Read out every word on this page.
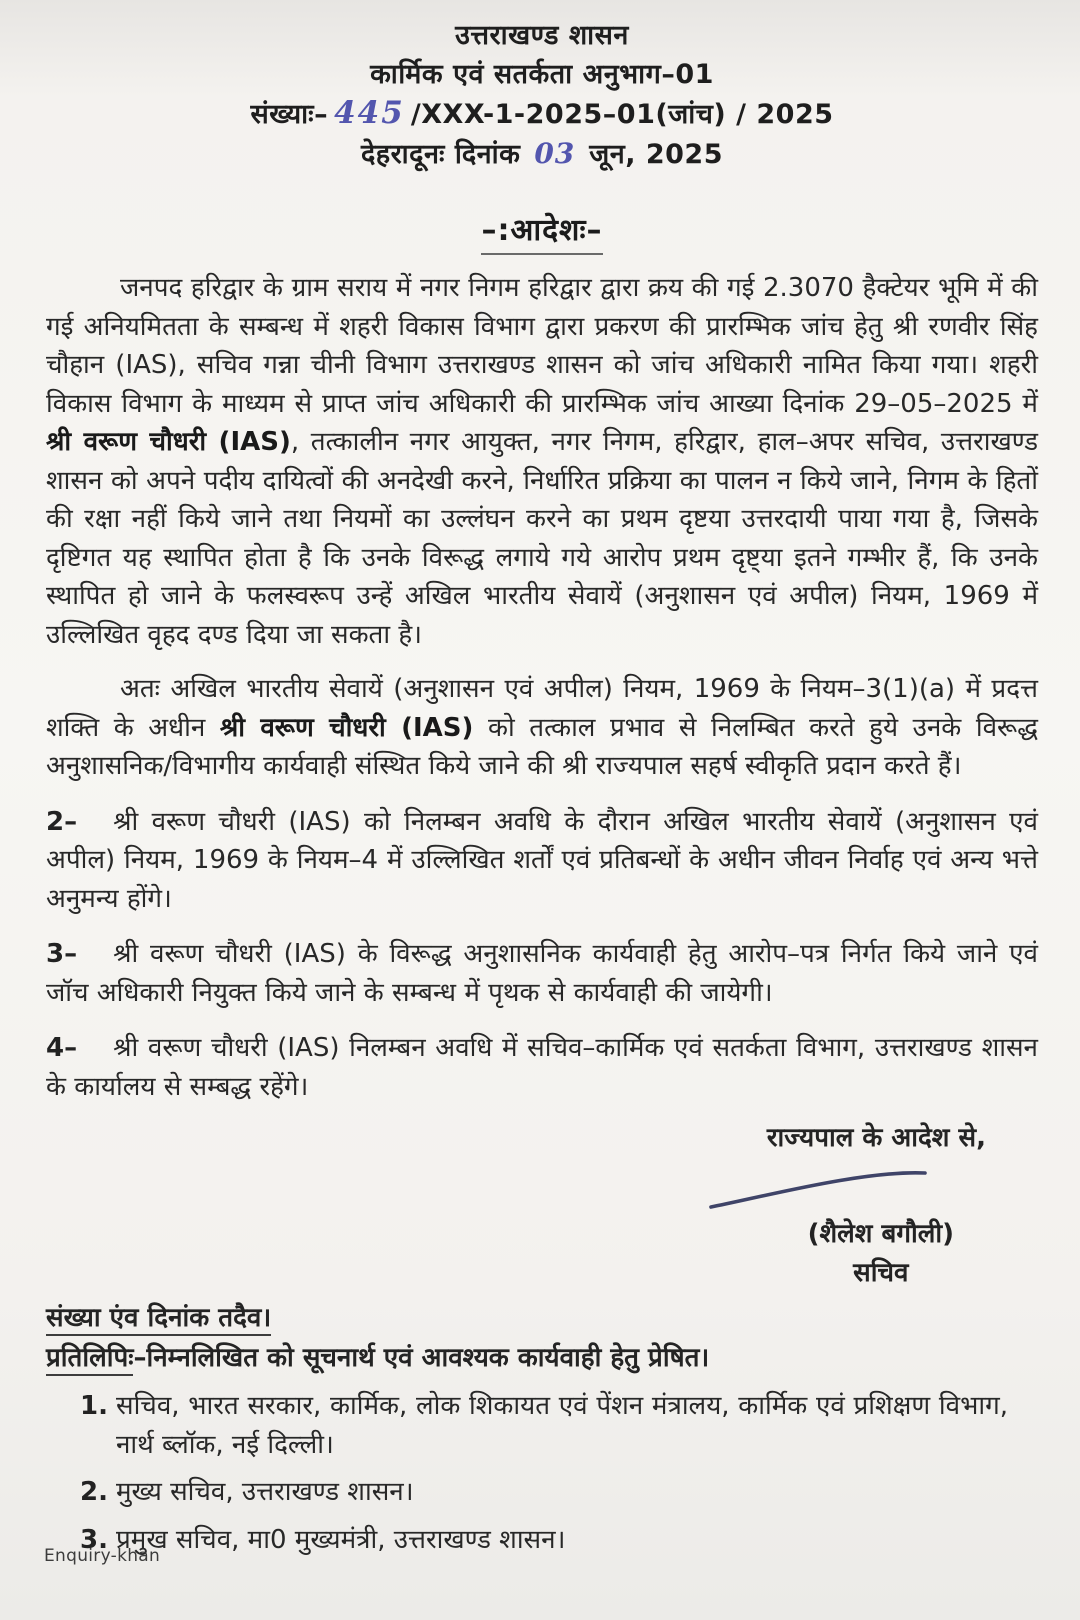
उत्तराखण्ड शासन
कार्मिक एवं सतर्कता अनुभाग–01
संख्याः– 445 /XXX-1-2025–01(जांच) / 2025
देहरादूनः दिनांक 03 जून, 2025
–:आदेशः–

जनपद हरिद्वार के ग्राम सराय में नगर निगम हरिद्वार द्वारा क्रय की गई 2.3070 हैक्टेयर भूमि में की गई अनियमितता के सम्बन्ध में शहरी विकास विभाग द्वारा प्रकरण की प्रारम्भिक जांच हेतु श्री रणवीर सिंह चौहान (IAS), सचिव गन्ना चीनी विभाग उत्तराखण्ड शासन को जांच अधिकारी नामित किया गया। शहरी विकास विभाग के माध्यम से प्राप्त जांच अधिकारी की प्रारम्भिक जांच आख्या दिनांक 29–05–2025 में श्री वरूण चौधरी (IAS), तत्कालीन नगर आयुक्त, नगर निगम, हरिद्वार, हाल–अपर सचिव, उत्तराखण्ड शासन को अपने पदीय दायित्वों की अनदेखी करने, निर्धारित प्रक्रिया का पालन न किये जाने, निगम के हितों की रक्षा नहीं किये जाने तथा नियमों का उल्लंघन करने का प्रथम दृष्टया उत्तरदायी पाया गया है, जिसके दृष्टिगत यह स्थापित होता है कि उनके विरूद्ध लगाये गये आरोप प्रथम दृष्ट्या इतने गम्भीर हैं, कि उनके स्थापित हो जाने के फलस्वरूप उन्हें अखिल भारतीय सेवायें (अनुशासन एवं अपील) नियम, 1969 में उल्लिखित वृहद दण्ड दिया जा सकता है।

अतः अखिल भारतीय सेवायें (अनुशासन एवं अपील) नियम, 1969 के नियम–3(1)(a) में प्रदत्त शक्ति के अधीन श्री वरूण चौधरी (IAS) को तत्काल प्रभाव से निलम्बित करते हुये उनके विरूद्ध अनुशासनिक/विभागीय कार्यवाही संस्थित किये जाने की श्री राज्यपाल सहर्ष स्वीकृति प्रदान करते हैं।

2– श्री वरूण चौधरी (IAS) को निलम्बन अवधि के दौरान अखिल भारतीय सेवायें (अनुशासन एवं अपील) नियम, 1969 के नियम–4 में उल्लिखित शर्तों एवं प्रतिबन्धों के अधीन जीवन निर्वाह एवं अन्य भत्ते अनुमन्य होंगे।

3– श्री वरूण चौधरी (IAS) के विरूद्ध अनुशासनिक कार्यवाही हेतु आरोप–पत्र निर्गत किये जाने एवं जॉच अधिकारी नियुक्त किये जाने के सम्बन्ध में पृथक से कार्यवाही की जायेगी।

4– श्री वरूण चौधरी (IAS) निलम्बन अवधि में सचिव–कार्मिक एवं सतर्कता विभाग, उत्तराखण्ड शासन के कार्यालय से सम्बद्ध रहेंगे।

राज्यपाल के आदेश से,
(शैलेश बगौली)
सचिव
संख्या एंव दिनांक तदैव।
प्रतिलिपिः–निम्नलिखित को सूचनार्थ एवं आवश्यक कार्यवाही हेतु प्रेषित।
1. सचिव, भारत सरकार, कार्मिक, लोक शिकायत एवं पेंशन मंत्रालय, कार्मिक एवं प्रशिक्षण विभाग, नार्थ ब्लॉक, नई दिल्ली।
2. मुख्य सचिव, उत्तराखण्ड शासन।
3. प्रमुख सचिव, मा0 मुख्यमंत्री, उत्तराखण्ड शासन।
Enquiry-khan
